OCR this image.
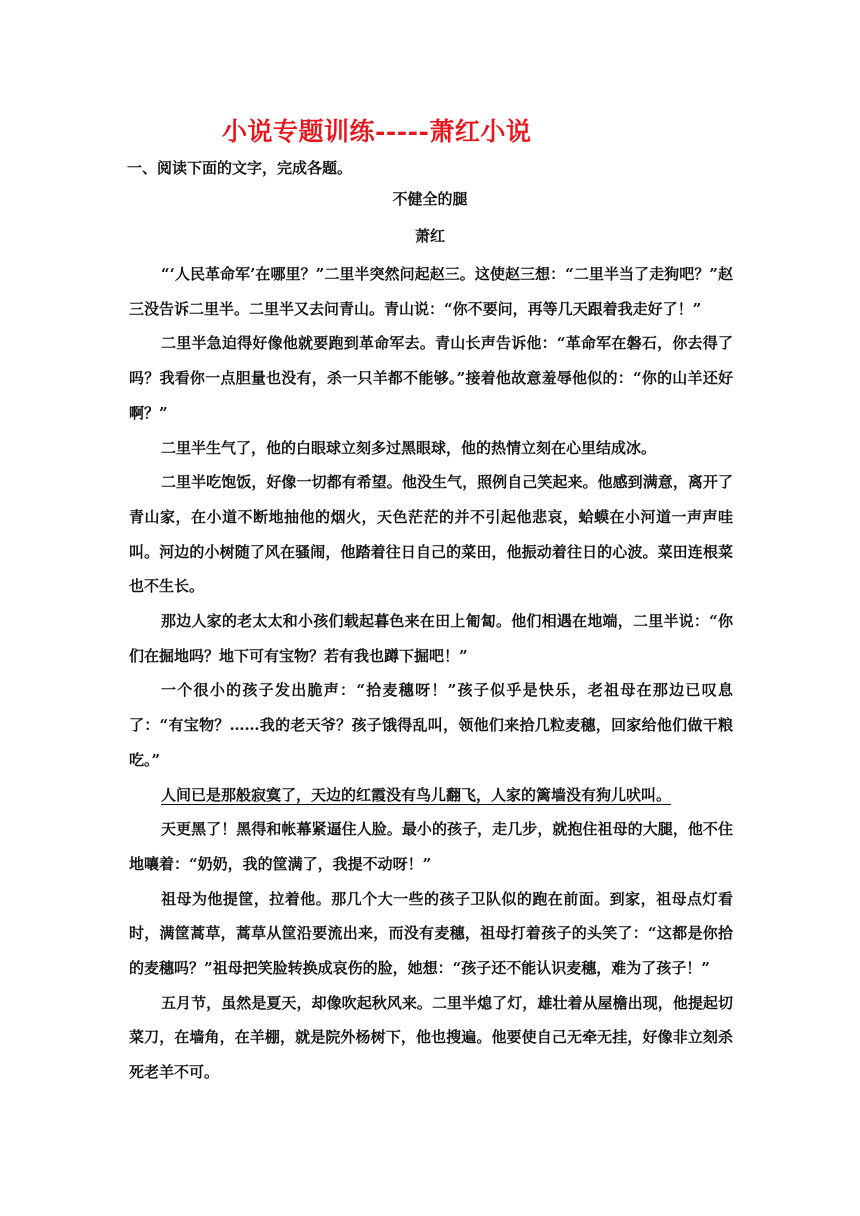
小说专题训练-----萧红小说
一、阅读下面的文字，完成各题。
不健全的腿
萧红

“‘人民革命军’在哪里？”二里半突然问起赵三。这使赵三想：“二里半当了走狗吧？”赵三没告诉二里半。二里半又去问青山。青山说：“你不要问，再等几天跟着我走好了！”

二里半急迫得好像他就要跑到革命军去。青山长声告诉他：“革命军在磐石，你去得了吗？我看你一点胆量也没有，杀一只羊都不能够。”接着他故意羞辱他似的：“你的山羊还好啊？”

二里半生气了，他的白眼球立刻多过黑眼球，他的热情立刻在心里结成冰。

二里半吃饱饭，好像一切都有希望。他没生气，照例自己笑起来。他感到满意，离开了青山家，在小道不断地抽他的烟火，天色茫茫的并不引起他悲哀，蛤蟆在小河道一声声哇叫。河边的小树随了风在骚闹，他踏着往日自己的菜田，他振动着往日的心波。菜田连根菜也不生长。

那边人家的老太太和小孩们载起暮色来在田上匍匐。他们相遇在地端，二里半说：“你们在掘地吗？地下可有宝物？若有我也蹲下掘吧！”

一个很小的孩子发出脆声：“拾麦穗呀！”孩子似乎是快乐，老祖母在那边已叹息了：“有宝物？……我的老天爷？孩子饿得乱叫，领他们来拾几粒麦穗，回家给他们做干粮吃。”

人间已是那般寂寞了，天边的红霞没有鸟儿翻飞，人家的篱墙没有狗儿吠叫。

天更黑了！黑得和帐幕紧逼住人脸。最小的孩子，走几步，就抱住祖母的大腿，他不住地嚷着：“奶奶，我的筐满了，我提不动呀！”

祖母为他提筐，拉着他。那几个大一些的孩子卫队似的跑在前面。到家，祖母点灯看时，满筐蒿草，蒿草从筐沿要流出来，而没有麦穗，祖母打着孩子的头笑了：“这都是你拾的麦穗吗？”祖母把笑脸转换成哀伤的脸，她想：“孩子还不能认识麦穗，难为了孩子！”

五月节，虽然是夏天，却像吹起秋风来。二里半熄了灯，雄壮着从屋檐出现，他提起切菜刀，在墙角，在羊棚，就是院外杨树下，他也搜遍。他要使自己无牵无挂，好像非立刻杀死老羊不可。
